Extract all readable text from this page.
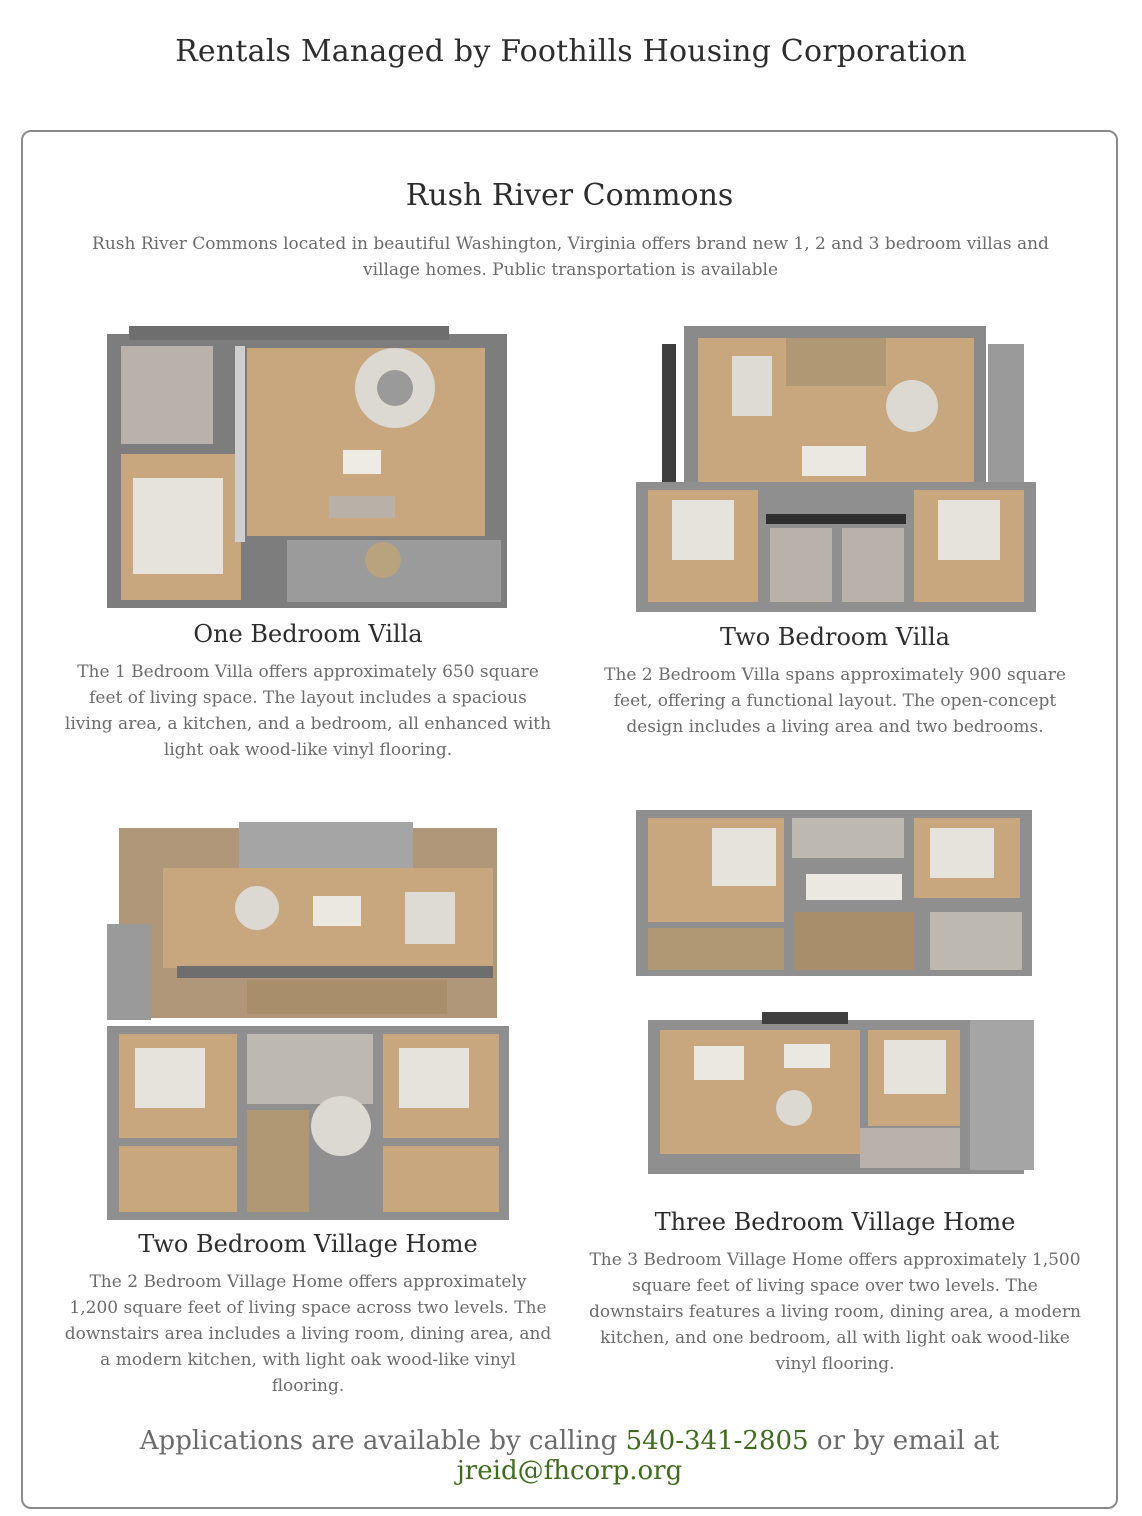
Rentals Managed by Foothills Housing Corporation
Rush River Commons
Rush River Commons located in beautiful Washington, Virginia offers brand new 1, 2 and 3 bedroom villas and village homes. Public transportation is available
One Bedroom Villa
The 1 Bedroom Villa offers approximately 650 square feet of living space. The layout includes a spacious living area, a kitchen, and a bedroom, all enhanced with light oak wood-like vinyl flooring.
Two Bedroom Villa
The 2 Bedroom Villa spans approximately 900 square feet, offering a functional layout. The open-concept design includes a living area and two bedrooms.
Two Bedroom Village Home
The 2 Bedroom Village Home offers approximately 1,200 square feet of living space across two levels. The downstairs area includes a living room, dining area, and a modern kitchen, with light oak wood-like vinyl flooring.
Three Bedroom Village Home
The 3 Bedroom Village Home offers approximately 1,500 square feet of living space over two levels. The downstairs features a living room, dining area, a modern kitchen, and one bedroom, all with light oak wood-like vinyl flooring.
Applications are available by calling 540-341-2805 or by email at jreid@fhcorp.org
